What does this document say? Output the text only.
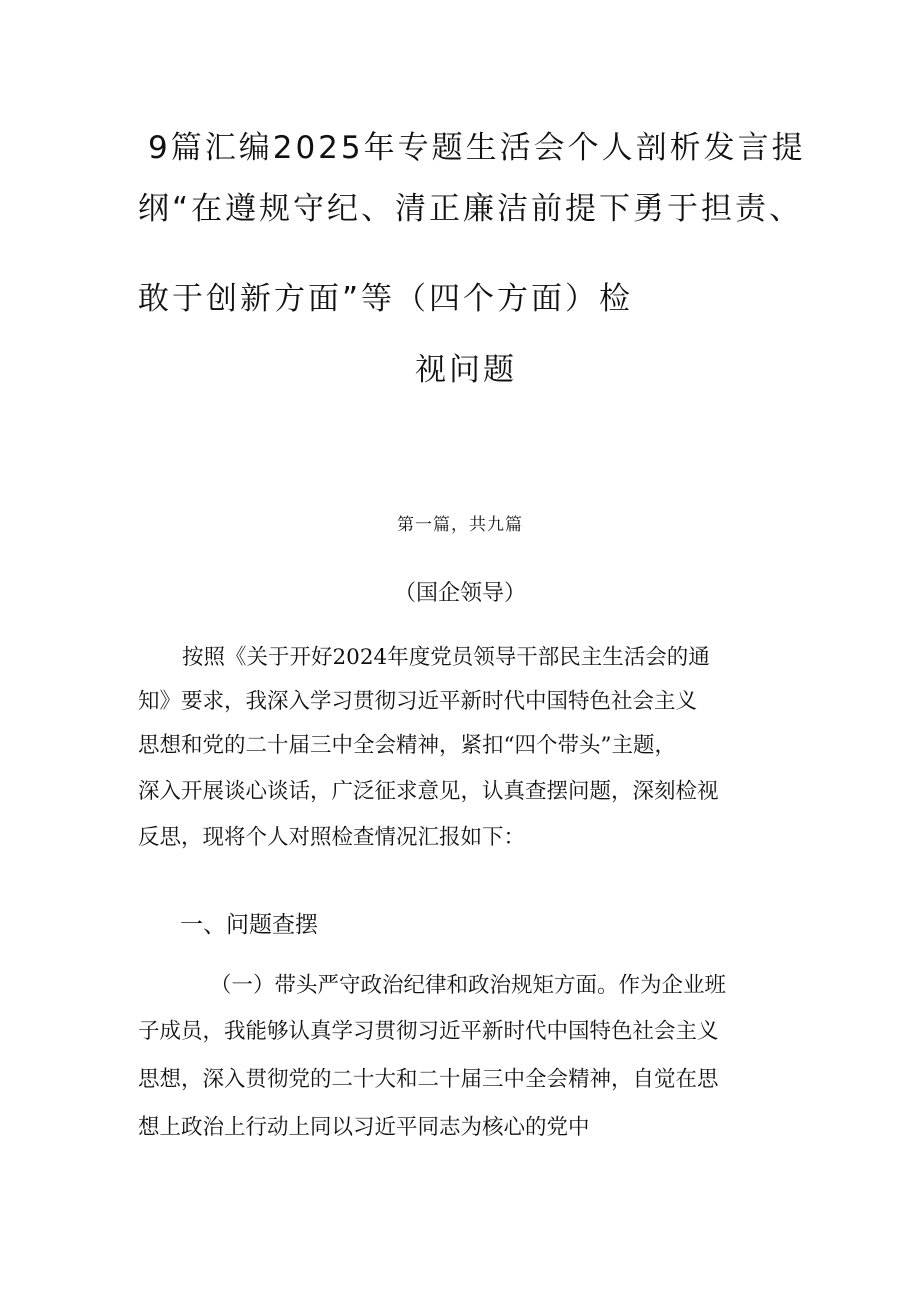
9篇汇编2025年专题生活会个人剖析发言提
纲“在遵规守纪、清正廉洁前提下勇于担责、
敢于创新方面”等（四个方面）检
视问题
第一篇，共九篇
（国企领导）
按照《关于开好2024年度党员领导干部民主生活会的通
知》要求，我深入学习贯彻习近平新时代中国特色社会主义
思想和党的二十届三中全会精神，紧扣“四个带头”主题，
深入开展谈心谈话，广泛征求意见，认真查摆问题，深刻检视
反思，现将个人对照检查情况汇报如下：
一、问题查摆
（一）带头严守政治纪律和政治规矩方面。作为企业班
子成员，我能够认真学习贯彻习近平新时代中国特色社会主义
思想，深入贯彻党的二十大和二十届三中全会精神，自觉在思
想上政治上行动上同以习近平同志为核心的党中
